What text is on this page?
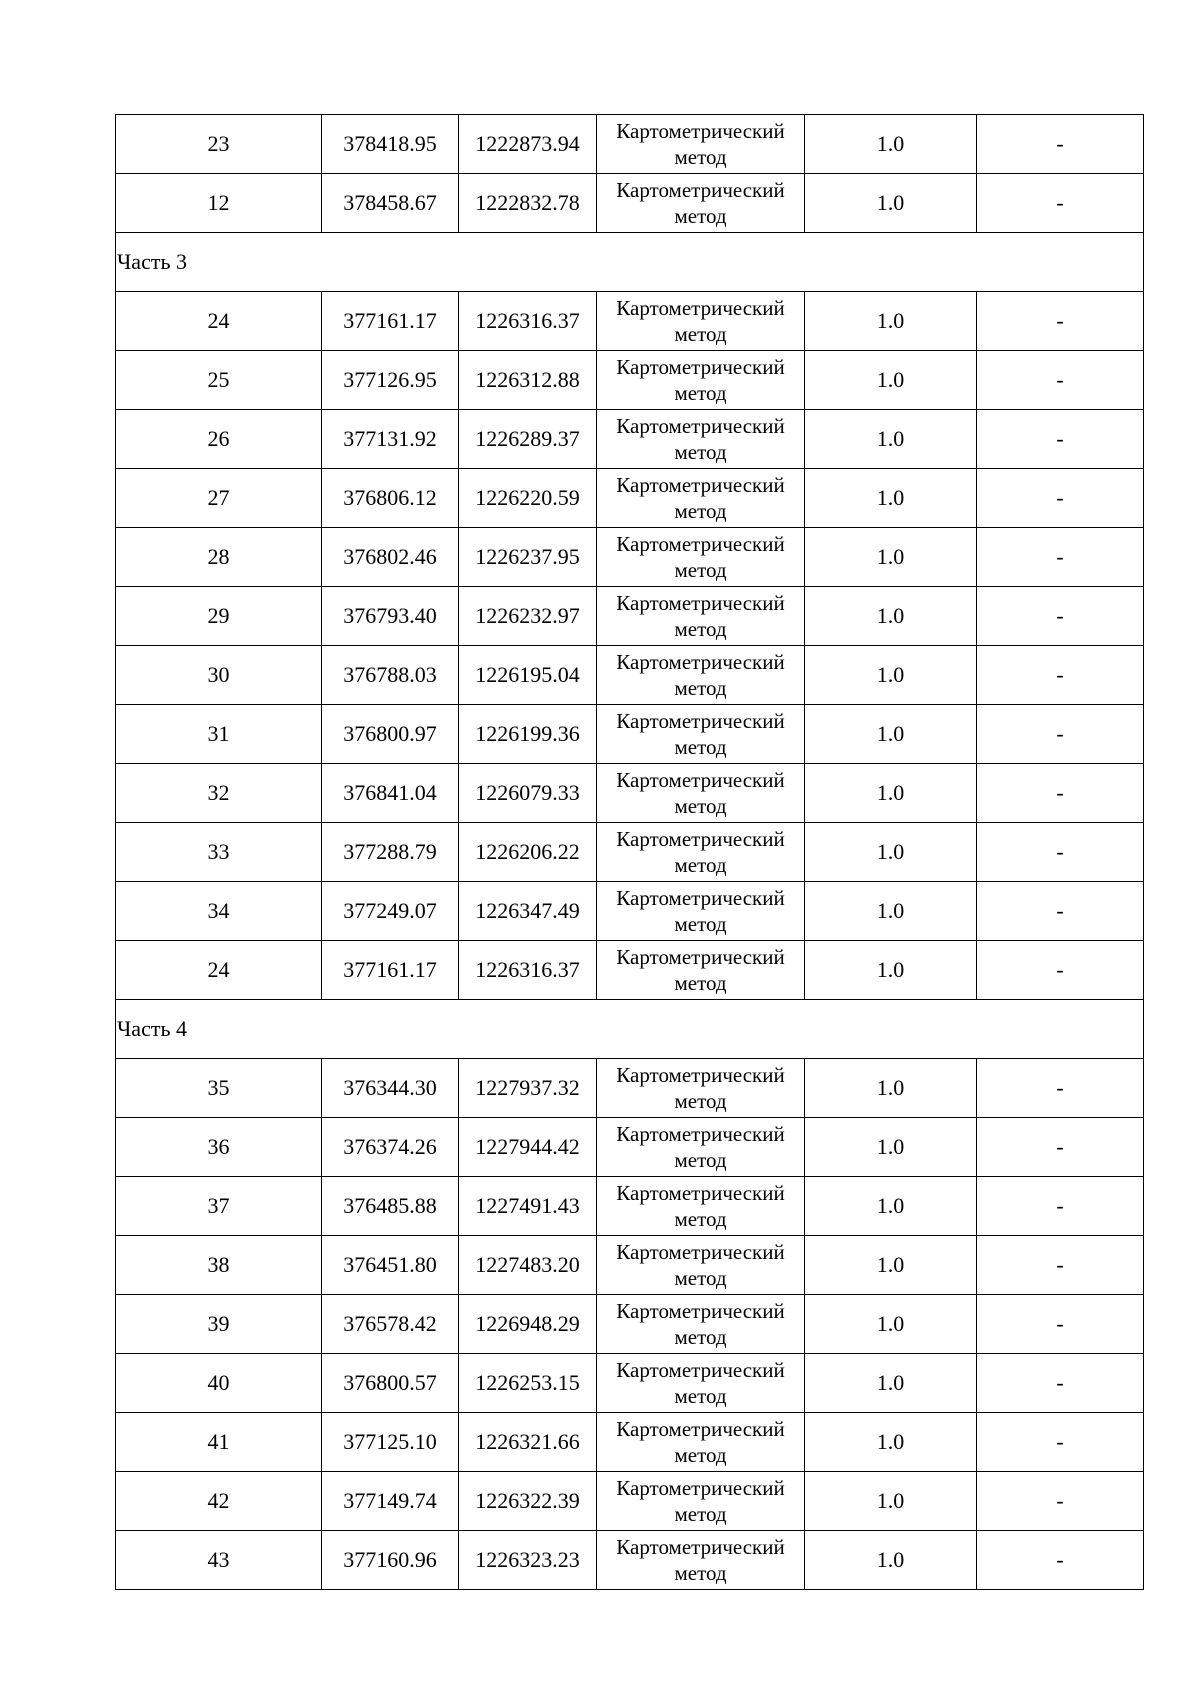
23	378418.95	1222873.94	Картометрический метод	1.0	-
12	378458.67	1222832.78	Картометрический метод	1.0	-
Часть 3					
24	377161.17	1226316.37	Картометрический метод	1.0	-
25	377126.95	1226312.88	Картометрический метод	1.0	-
26	377131.92	1226289.37	Картометрический метод	1.0	-
27	376806.12	1226220.59	Картометрический метод	1.0	-
28	376802.46	1226237.95	Картометрический метод	1.0	-
29	376793.40	1226232.97	Картометрический метод	1.0	-
30	376788.03	1226195.04	Картометрический метод	1.0	-
31	376800.97	1226199.36	Картометрический метод	1.0	-
32	376841.04	1226079.33	Картометрический метод	1.0	-
33	377288.79	1226206.22	Картометрический метод	1.0	-
34	377249.07	1226347.49	Картометрический метод	1.0	-
24	377161.17	1226316.37	Картометрический метод	1.0	-
Часть 4					
35	376344.30	1227937.32	Картометрический метод	1.0	-
36	376374.26	1227944.42	Картометрический метод	1.0	-
37	376485.88	1227491.43	Картометрический метод	1.0	-
38	376451.80	1227483.20	Картометрический метод	1.0	-
39	376578.42	1226948.29	Картометрический метод	1.0	-
40	376800.57	1226253.15	Картометрический метод	1.0	-
41	377125.10	1226321.66	Картометрический метод	1.0	-
42	377149.74	1226322.39	Картометрический метод	1.0	-
43	377160.96	1226323.23	Картометрический метод	1.0	-
